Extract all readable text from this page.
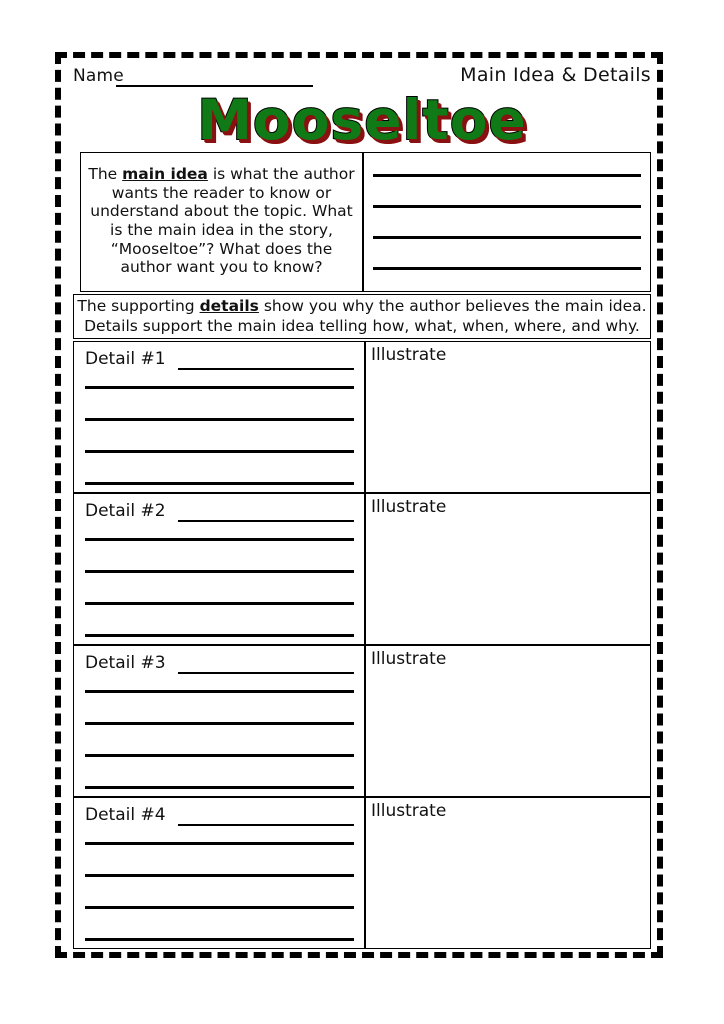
Name	Main Idea & Details
Mooseltoe

The main idea is what the author wants the reader to know or understand about the topic. What is the main idea in the story, “Mooseltoe”? What does the author want you to know?

The supporting details show you why the author believes the main idea.
Details support the main idea telling how, what, when, where, and why.

Detail #1	Illustrate
Detail #2	Illustrate
Detail #3	Illustrate
Detail #4	Illustrate
